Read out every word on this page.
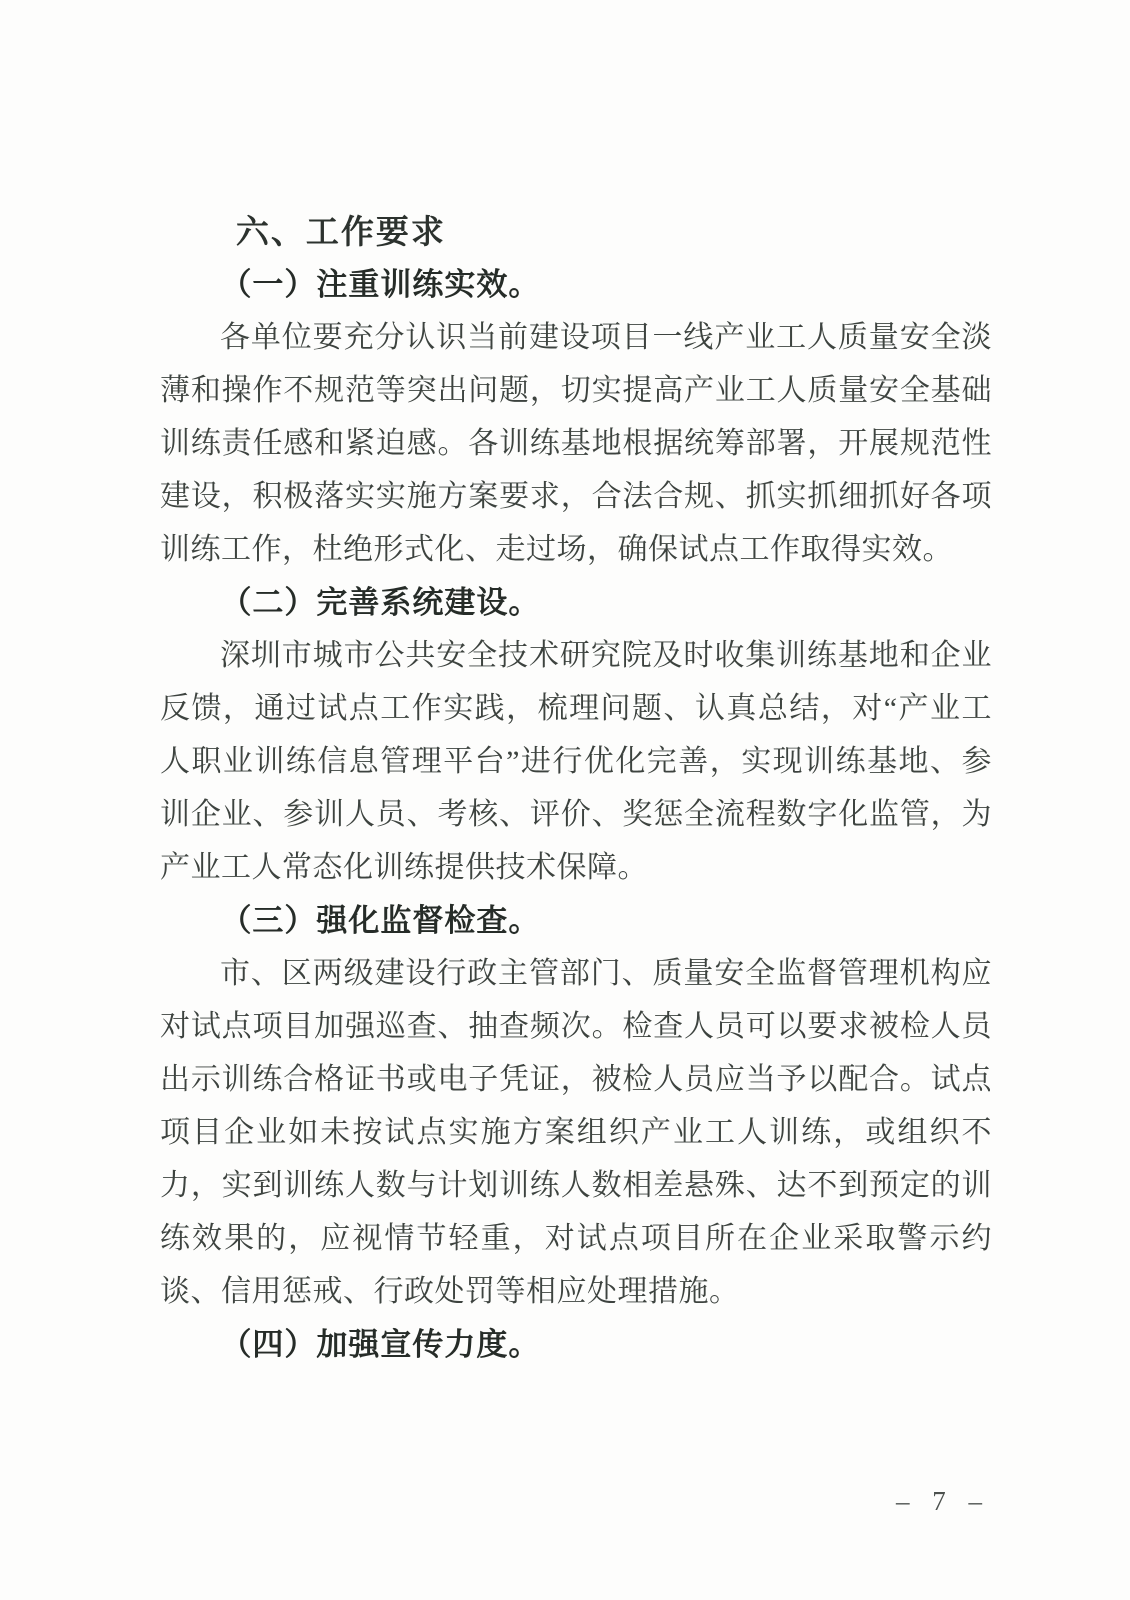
六、工作要求
（一）注重训练实效。
各单位要充分认识当前建设项目一线产业工人质量安全淡薄和操作不规范等突出问题，切实提高产业工人质量安全基础训练责任感和紧迫感。各训练基地根据统筹部署，开展规范性建设，积极落实实施方案要求，合法合规、抓实抓细抓好各项训练工作，杜绝形式化、走过场，确保试点工作取得实效。
（二）完善系统建设。
深圳市城市公共安全技术研究院及时收集训练基地和企业反馈，通过试点工作实践，梳理问题、认真总结，对“产业工人职业训练信息管理平台”进行优化完善，实现训练基地、参训企业、参训人员、考核、评价、奖惩全流程数字化监管，为产业工人常态化训练提供技术保障。
（三）强化监督检查。
市、区两级建设行政主管部门、质量安全监督管理机构应对试点项目加强巡查、抽查频次。检查人员可以要求被检人员出示训练合格证书或电子凭证，被检人员应当予以配合。试点项目企业如未按试点实施方案组织产业工人训练，或组织不力，实到训练人数与计划训练人数相差悬殊、达不到预定的训练效果的，应视情节轻重，对试点项目所在企业采取警示约谈、信用惩戒、行政处罚等相应处理措施。
（四）加强宣传力度。
– 7 –
